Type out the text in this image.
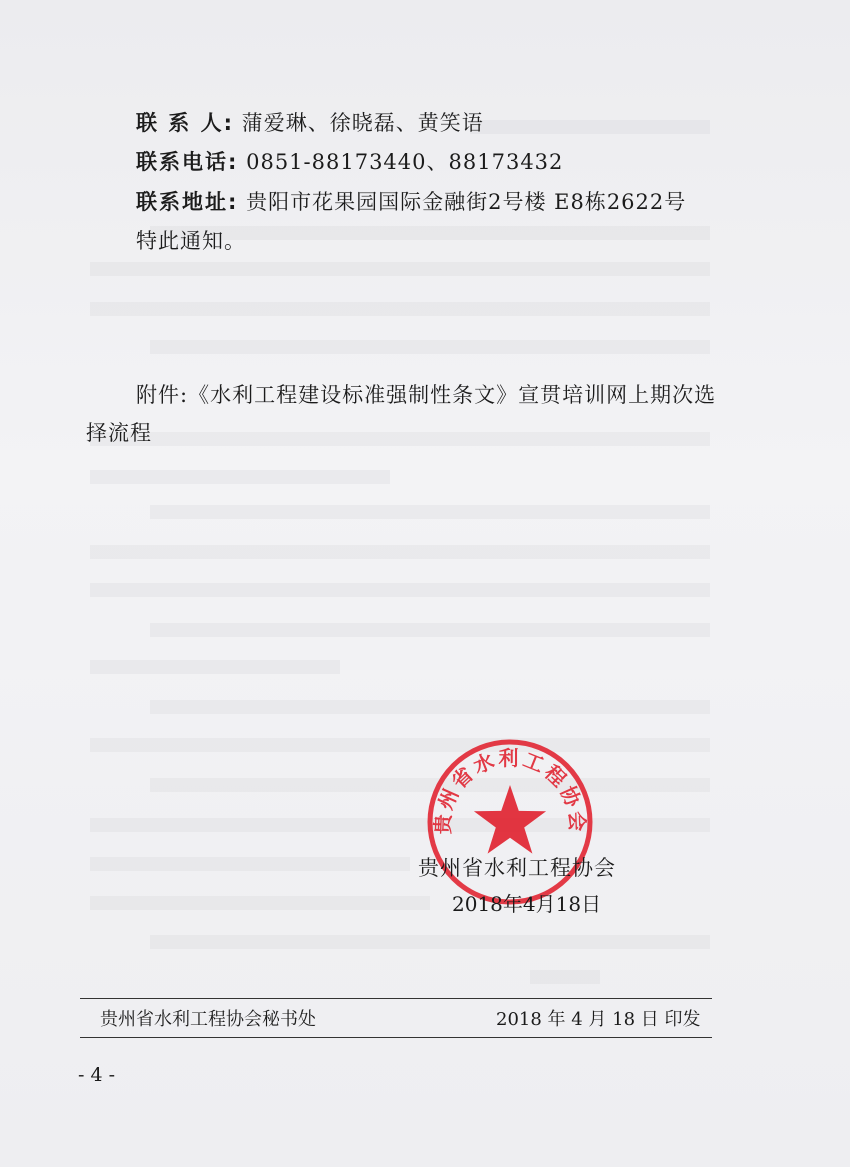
联 系 人: 蒲爱琳、徐晓磊、黄笑语
联系电话: 0851-88173440、88173432
联系地址: 贵阳市花果园国际金融街2号楼 E8栋2622号
特此通知。
附件:《水利工程建设标准强制性条文》宣贯培训网上期次选
择流程
贵州省水利工程协会
贵州省水利工程协会
2018年4月18日
贵州省水利工程协会秘书处	2018 年 4 月 18 日 印发
- 4 -
